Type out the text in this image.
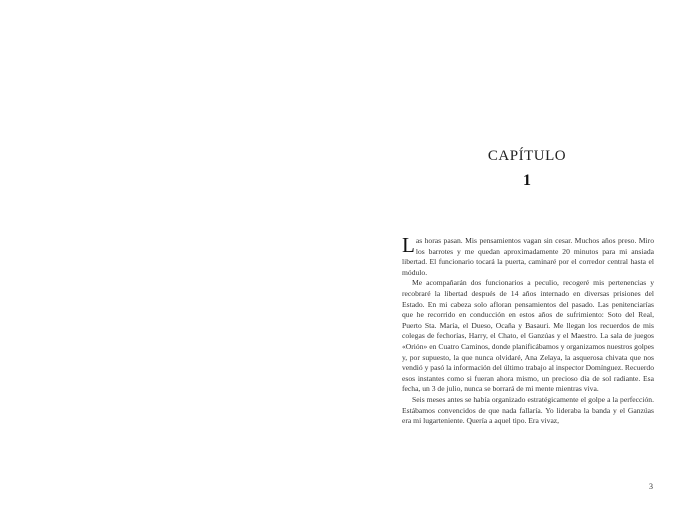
CAPÍTULO
1

Las horas pasan. Mis pensamientos vagan sin cesar. Muchos años preso. Miro los barrotes y me quedan aproximadamente 20 minutos para mi ansiada libertad. El funcionario tocará la puerta, caminaré por el corredor central hasta el módulo.

Me acompañarán dos funcionarios a peculio, recogeré mis pertenencias y recobraré la libertad después de 14 años internado en diversas prisiones del Estado. En mi cabeza solo afloran pensamientos del pasado. Las penitenciarías que he recorrido en conducción en estos años de sufrimiento: Soto del Real, Puerto Sta. María, el Dueso, Ocaña y Basauri. Me llegan los recuerdos de mis colegas de fechorías, Harry, el Chato, el Ganzúas y el Maestro. La sala de juegos «Orión» en Cuatro Caminos, donde planificábamos y organizamos nuestros golpes y, por supuesto, la que nunca olvidaré, Ana Zelaya, la asquerosa chivata que nos vendió y pasó la información del último trabajo al inspector Domínguez. Recuerdo esos instantes como si fueran ahora mismo, un precioso día de sol radiante. Esa fecha, un 3 de julio, nunca se borrará de mi mente mientras viva.

Seis meses antes se había organizado estratégicamente el golpe a la perfección. Estábamos convencidos de que nada fallaría. Yo lideraba la banda y el Ganzúas era mi lugarteniente. Quería a aquel tipo. Era vivaz,

3
